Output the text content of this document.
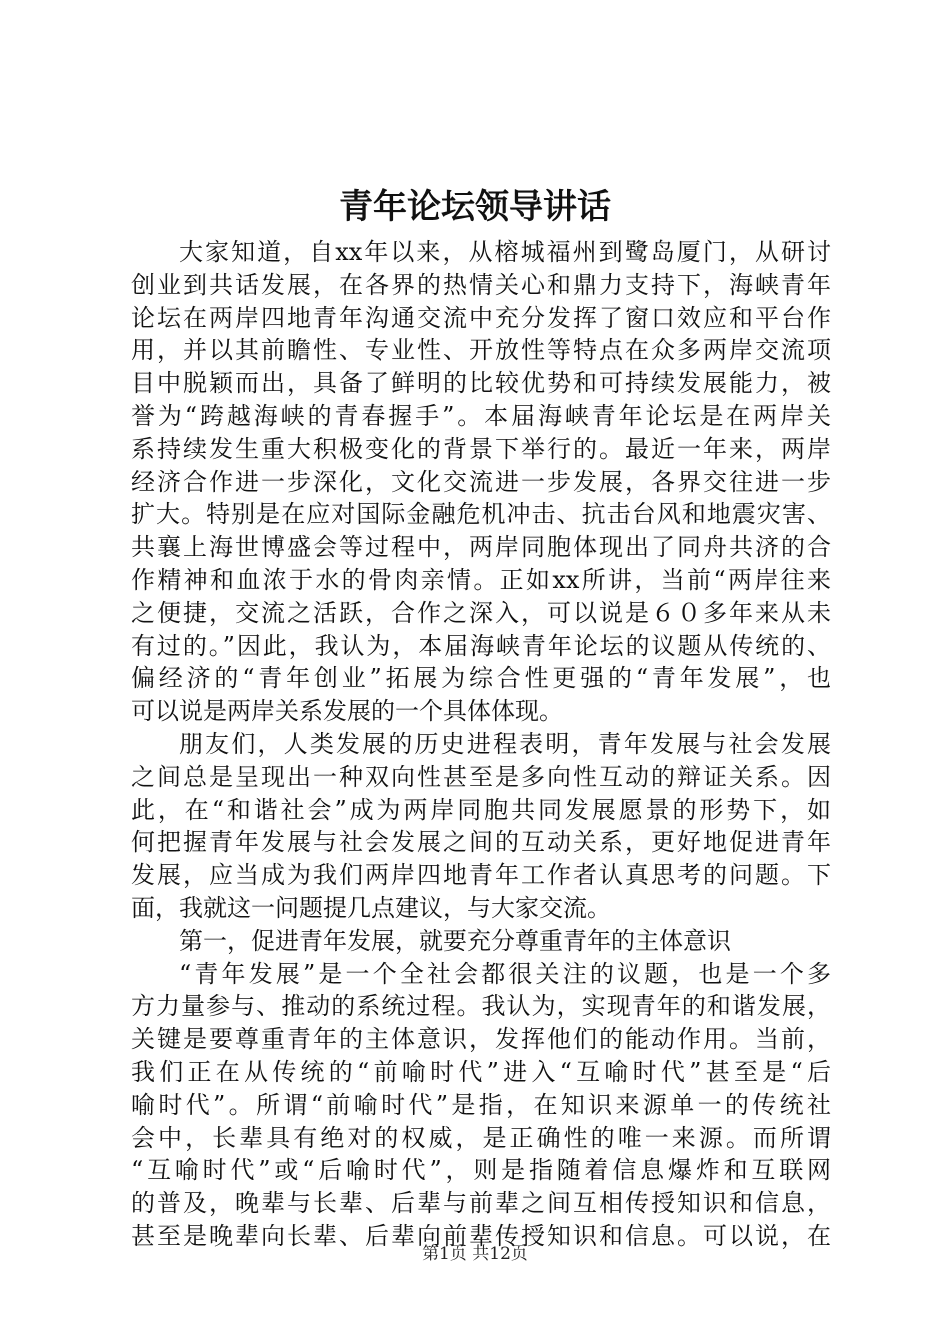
青年论坛领导讲话
大家知道，自xx年以来，从榕城福州到鹭岛厦门，从研讨
创业到共话发展，在各界的热情关心和鼎力支持下，海峡青年
论坛在两岸四地青年沟通交流中充分发挥了窗口效应和平台作
用，并以其前瞻性、专业性、开放性等特点在众多两岸交流项
目中脱颖而出，具备了鲜明的比较优势和可持续发展能力，被
誉为“跨越海峡的青春握手”。本届海峡青年论坛是在两岸关
系持续发生重大积极变化的背景下举行的。最近一年来，两岸
经济合作进一步深化，文化交流进一步发展，各界交往进一步
扩大。特别是在应对国际金融危机冲击、抗击台风和地震灾害、
共襄上海世博盛会等过程中，两岸同胞体现出了同舟共济的合
作精神和血浓于水的骨肉亲情。正如xx所讲，当前“两岸往来
之便捷，交流之活跃，合作之深入，可以说是６０多年来从未
有过的。”因此，我认为，本届海峡青年论坛的议题从传统的、
偏经济的“青年创业”拓展为综合性更强的“青年发展”，也
可以说是两岸关系发展的一个具体体现。
朋友们，人类发展的历史进程表明，青年发展与社会发展
之间总是呈现出一种双向性甚至是多向性互动的辩证关系。因
此，在“和谐社会”成为两岸同胞共同发展愿景的形势下，如
何把握青年发展与社会发展之间的互动关系，更好地促进青年
发展，应当成为我们两岸四地青年工作者认真思考的问题。下
面，我就这一问题提几点建议，与大家交流。
第一，促进青年发展，就要充分尊重青年的主体意识
“青年发展”是一个全社会都很关注的议题，也是一个多
方力量参与、推动的系统过程。我认为，实现青年的和谐发展，
关键是要尊重青年的主体意识，发挥他们的能动作用。当前，
我们正在从传统的“前喻时代”进入“互喻时代”甚至是“后
喻时代”。所谓“前喻时代”是指，在知识来源单一的传统社
会中，长辈具有绝对的权威，是正确性的唯一来源。而所谓
“互喻时代”或“后喻时代”，则是指随着信息爆炸和互联网
的普及，晚辈与长辈、后辈与前辈之间互相传授知识和信息，
甚至是晚辈向长辈、后辈向前辈传授知识和信息。可以说，在
第1页 共12页
